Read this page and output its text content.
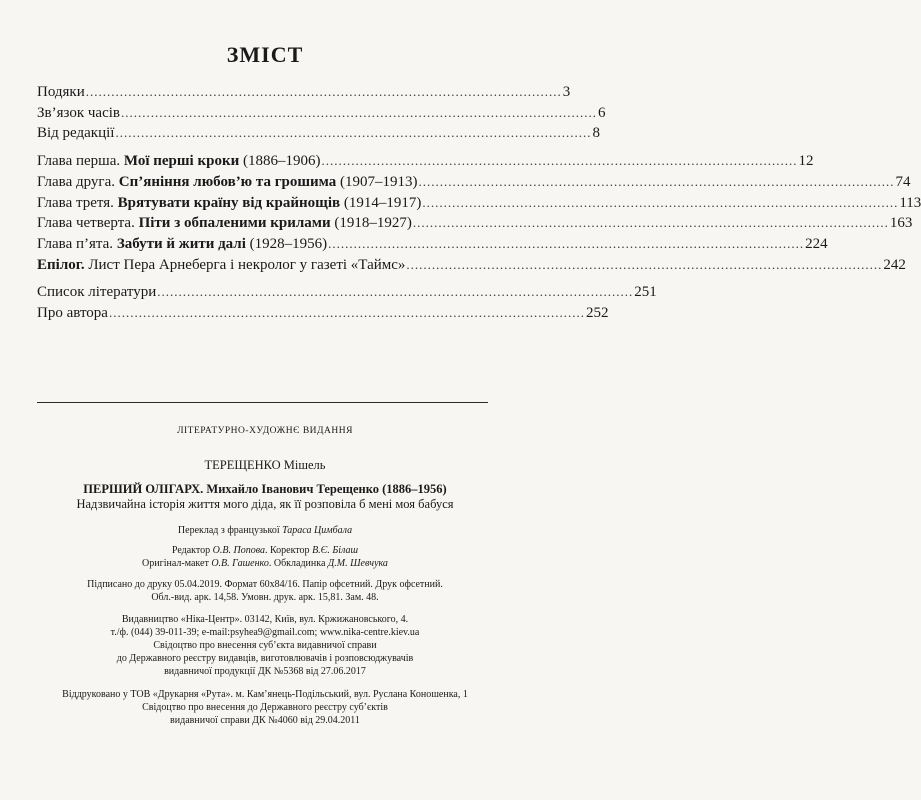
ЗМІСТ
Подяки .....	3
Зв’язок часів .....	6
Від редакції .....	8
Глава перша. Мої перші кроки (1886–1906) .....	12
Глава друга. Сп’яніння любов’ю та грошима (1907–1913) .....	74
Глава третя. Врятувати країну від крайнощів (1914–1917) .....	113
Глава четверта. Піти з обпаленими крилами (1918–1927) .....	163
Глава п’ята. Забути й жити далі (1928–1956) .....	224
Епілог. Лист Пера Арнеберга і некролог у газеті «Таймс» .....	242
Список літератури .....	251
Про автора .....	252
ЛІТЕРАТУРНО-ХУДОЖНЄ ВИДАННЯ
ТЕРЕЩЕНКО Мішель
ПЕРШИЙ ОЛІГАРХ. Михайло Іванович Терещенко (1886–1956)
Надзвичайна історія життя мого діда, як її розповіла б мені моя бабуся
Переклад з французької Тараса Цимбала
Редактор О.В. Попова. Коректор В.Є. Білаш
Оригінал-макет О.В. Гашенко. Обкладинка Д.М. Шевчука
Підписано до друку 05.04.2019. Формат 60x84/16. Папір офсетний. Друк офсетний.
Обл.-вид. арк. 14,58. Умовн. друк. арк. 15,81. Зам. 48.
Видавництво «Ніка-Центр». 03142, Київ, вул. Кржижановського, 4.
т./ф. (044) 39-011-39; e-mail:psyhea9@gmail.com; www.nika-centre.kiev.ua
Свідоцтво про внесення суб’єкта видавничої справи
до Державного реєстру видавців, виготовлювачів і розповсюджувачів
видавничої продукції ДК №5368 від 27.06.2017
Віддруковано у ТОВ «Друкарня «Рута». м. Кам’янець-Подільський, вул. Руслана Коношенка, 1
Свідоцтво про внесення до Державного реєстру суб’єктів
видавничої справи ДК №4060 від 29.04.2011
